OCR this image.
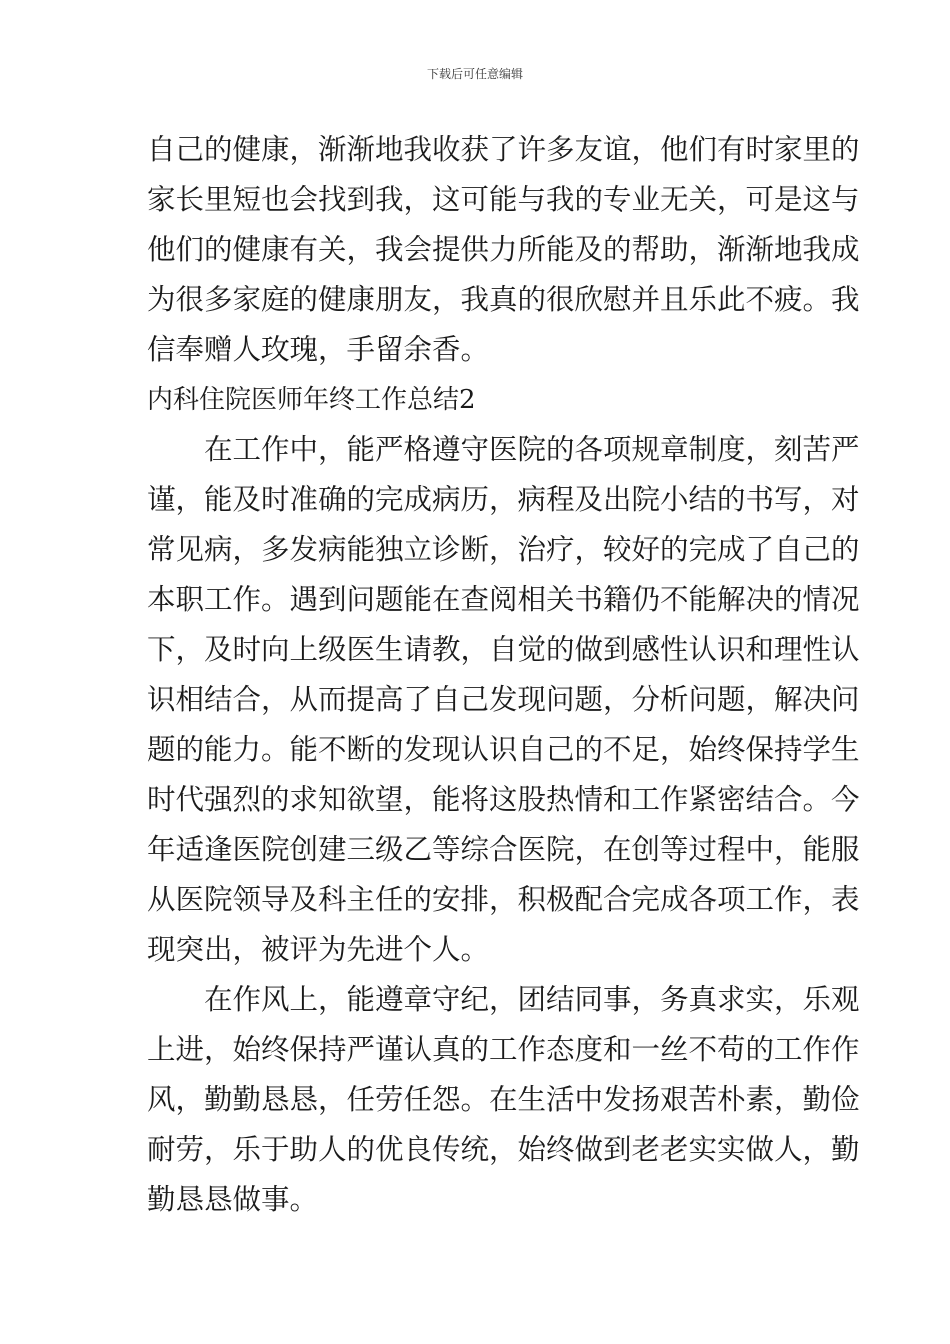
下载后可任意编辑
自己的健康，渐渐地我收获了许多友谊，他们有时家里的
家长里短也会找到我，这可能与我的专业无关，可是这与
他们的健康有关，我会提供力所能及的帮助，渐渐地我成
为很多家庭的健康朋友，我真的很欣慰并且乐此不疲。我
信奉赠人玫瑰，手留余香。
内科住院医师年终工作总结2
　　在工作中，能严格遵守医院的各项规章制度，刻苦严
谨，能及时准确的完成病历，病程及出院小结的书写，对
常见病，多发病能独立诊断，治疗，较好的完成了自己的
本职工作。遇到问题能在查阅相关书籍仍不能解决的情况
下，及时向上级医生请教，自觉的做到感性认识和理性认
识相结合，从而提高了自己发现问题，分析问题，解决问
题的能力。能不断的发现认识自己的不足，始终保持学生
时代强烈的求知欲望，能将这股热情和工作紧密结合。今
年适逢医院创建三级乙等综合医院，在创等过程中，能服
从医院领导及科主任的安排，积极配合完成各项工作，表
现突出，被评为先进个人。
　　在作风上，能遵章守纪，团结同事，务真求实，乐观
上进，始终保持严谨认真的工作态度和一丝不苟的工作作
风，勤勤恳恳，任劳任怨。在生活中发扬艰苦朴素，勤俭
耐劳，乐于助人的优良传统，始终做到老老实实做人，勤
勤恳恳做事。
